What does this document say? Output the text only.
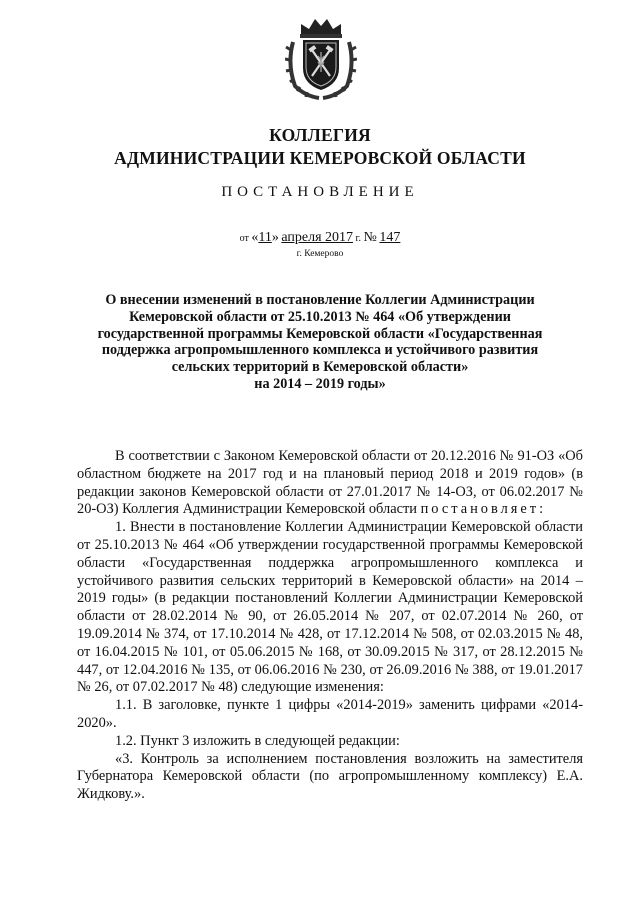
КОЛЛЕГИЯ
АДМИНИСТРАЦИИ КЕМЕРОВСКОЙ ОБЛАСТИ
ПОСТАНОВЛЕНИЕ
от «11» апреля 2017 г. № 147
г. Кемерово
О внесении изменений в постановление Коллегии Администрации
Кемеровской области от 25.10.2013 № 464 «Об утверждении
государственной программы Кемеровской области «Государственная
поддержка агропромышленного комплекса и устойчивого развития
сельских территорий в Кемеровской области»
на 2014 – 2019 годы»

В соответствии с Законом Кемеровской области от 20.12.2016 № 91-ОЗ «Об областном бюджете на 2017 год и на плановый период 2018 и 2019 годов» (в редакции законов Кемеровской области от 27.01.2017 № 14-ОЗ, от 06.02.2017 № 20-ОЗ) Коллегия Администрации Кемеровской области постановляет:

1. Внести в постановление Коллегии Администрации Кемеровской области от 25.10.2013 № 464 «Об утверждении государственной программы Кемеровской области «Государственная поддержка агропромышленного комплекса и устойчивого развития сельских территорий в Кемеровской области» на 2014 – 2019 годы» (в редакции постановлений Коллегии Администрации Кемеровской области от 28.02.2014 № 90, от 26.05.2014 № 207, от 02.07.2014 № 260, от 19.09.2014 № 374, от 17.10.2014 № 428, от 17.12.2014 № 508, от 02.03.2015 № 48, от 16.04.2015 № 101, от 05.06.2015 № 168, от 30.09.2015 № 317, от 28.12.2015 № 447, от 12.04.2016 № 135, от 06.06.2016 № 230, от 26.09.2016 № 388, от 19.01.2017 № 26, от 07.02.2017 № 48) следующие изменения:

1.1. В заголовке, пункте 1 цифры «2014-2019» заменить цифрами «2014-2020».

1.2. Пункт 3 изложить в следующей редакции:

«3. Контроль за исполнением постановления возложить на заместителя Губернатора Кемеровской области (по агропромышленному комплексу) Е.А. Жидкову.».
